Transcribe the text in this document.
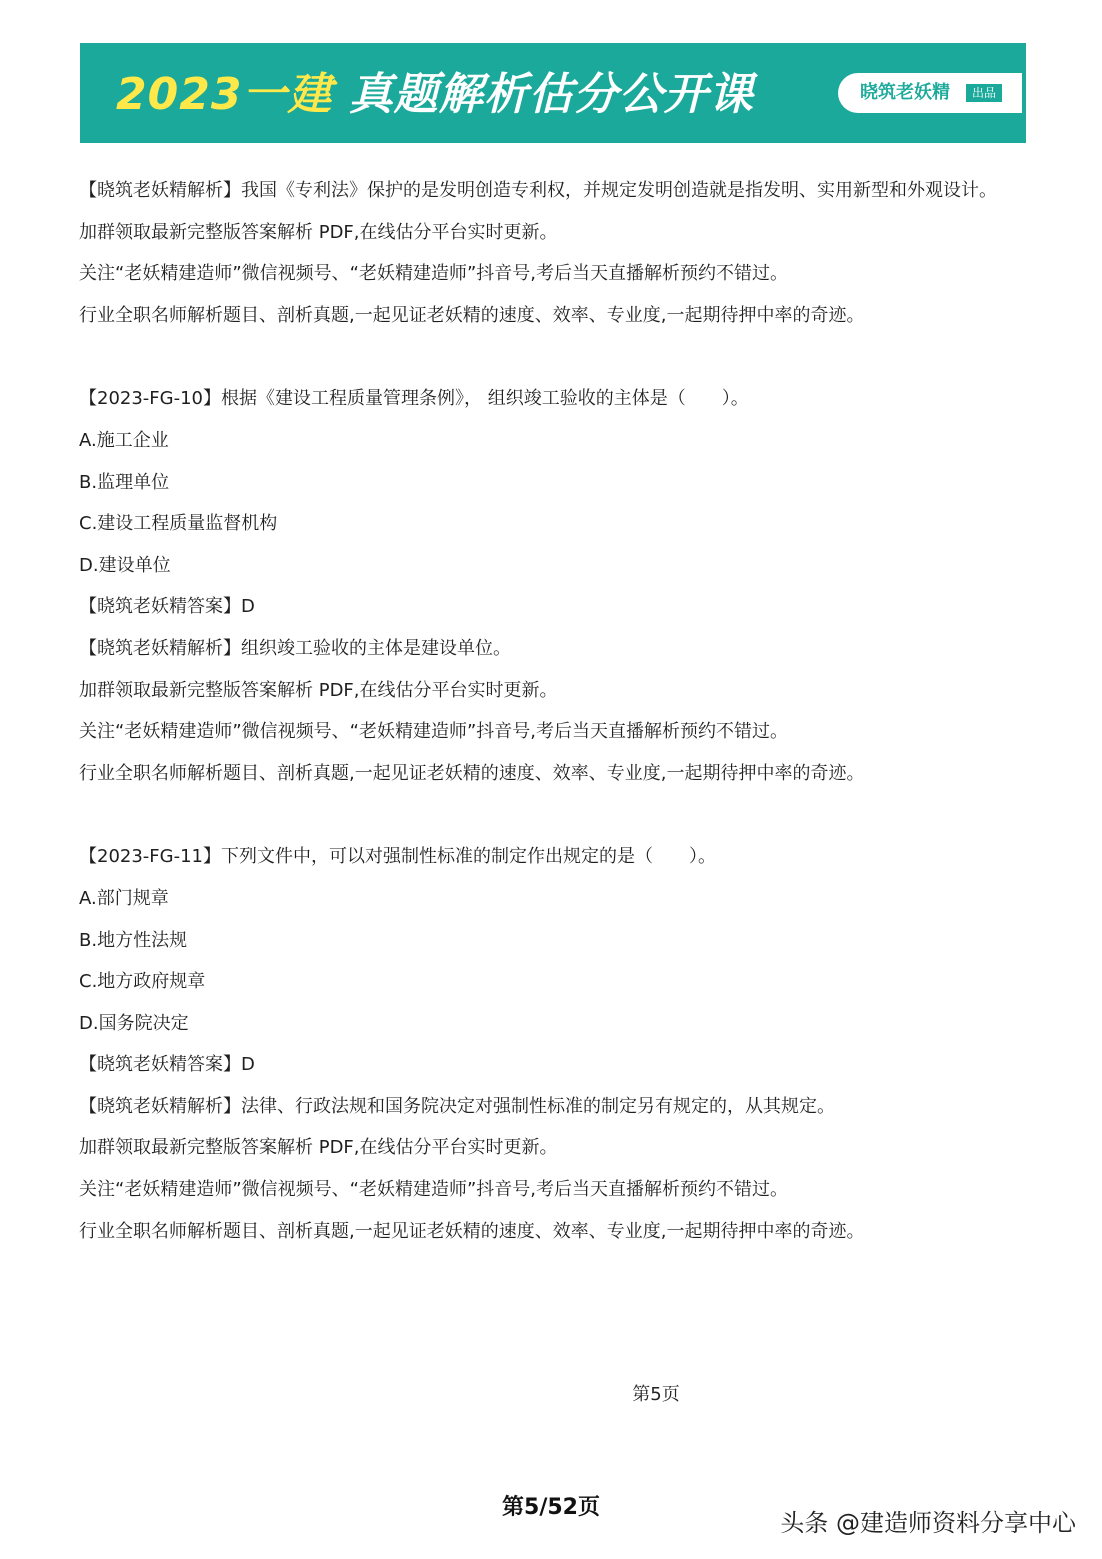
2023一建 真题解析估分公开课	晓筑老妖精	出品
【晓筑老妖精解析】我国《专利法》保护的是发明创造专利权，并规定发明创造就是指发明、实用新型和外观设计。
加群领取最新完整版答案解析 PDF,在线估分平台实时更新。
关注“老妖精建造师”微信视频号、“老妖精建造师”抖音号,考后当天直播解析预约不错过。
行业全职名师解析题目、剖析真题,一起见证老妖精的速度、效率、专业度,一起期待押中率的奇迹。
【2023-FG-10】根据《建设工程质量管理条例》， 组织竣工验收的主体是（　　）。
A.施工企业
B.监理单位
C.建设工程质量监督机构
D.建设单位
【晓筑老妖精答案】D
【晓筑老妖精解析】组织竣工验收的主体是建设单位。
加群领取最新完整版答案解析 PDF,在线估分平台实时更新。
关注“老妖精建造师”微信视频号、“老妖精建造师”抖音号,考后当天直播解析预约不错过。
行业全职名师解析题目、剖析真题,一起见证老妖精的速度、效率、专业度,一起期待押中率的奇迹。
【2023-FG-11】下列文件中，可以对强制性标准的制定作出规定的是（　　）。
A.部门规章
B.地方性法规
C.地方政府规章
D.国务院决定
【晓筑老妖精答案】D
【晓筑老妖精解析】法律、行政法规和国务院决定对强制性标准的制定另有规定的，从其规定。
加群领取最新完整版答案解析 PDF,在线估分平台实时更新。
关注“老妖精建造师”微信视频号、“老妖精建造师”抖音号,考后当天直播解析预约不错过。
行业全职名师解析题目、剖析真题,一起见证老妖精的速度、效率、专业度,一起期待押中率的奇迹。
第5页
第5/52页
头条 @建造师资料分享中心
